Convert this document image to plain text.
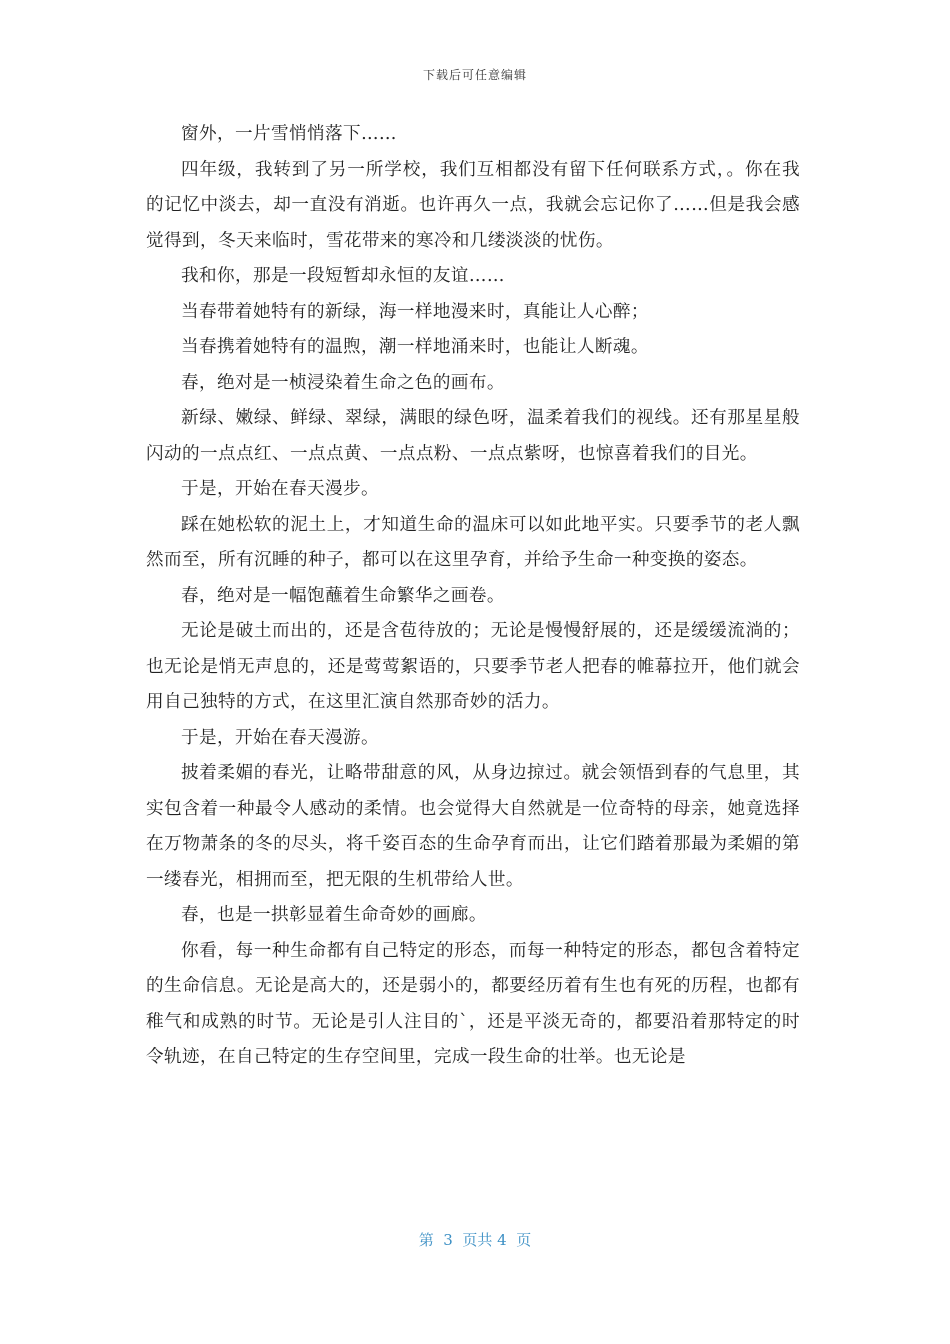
下载后可任意编辑

窗外，一片雪悄悄落下……

四年级，我转到了另一所学校，我们互相都没有留下任何联系方式，。你在我的记忆中淡去，却一直没有消逝。也许再久一点，我就会忘记你了……但是我会感觉得到，冬天来临时，雪花带来的寒冷和几缕淡淡的忧伤。

我和你，那是一段短暂却永恒的友谊……

当春带着她特有的新绿，海一样地漫来时，真能让人心醉；

当春携着她特有的温煦，潮一样地涌来时，也能让人断魂。

春，绝对是一桢浸染着生命之色的画布。

新绿、嫩绿、鲜绿、翠绿，满眼的绿色呀，温柔着我们的视线。还有那星星般闪动的一点点红、一点点黄、一点点粉、一点点紫呀，也惊喜着我们的目光。

于是，开始在春天漫步。

踩在她松软的泥土上，才知道生命的温床可以如此地平实。只要季节的老人飘然而至，所有沉睡的种子，都可以在这里孕育，并给予生命一种变换的姿态。

春，绝对是一幅饱蘸着生命繁华之画卷。

无论是破土而出的，还是含苞待放的；无论是慢慢舒展的，还是缓缓流淌的；也无论是悄无声息的，还是莺莺絮语的，只要季节老人把春的帷幕拉开，他们就会用自己独特的方式，在这里汇演自然那奇妙的活力。

于是，开始在春天漫游。

披着柔媚的春光，让略带甜意的风，从身边掠过。就会领悟到春的气息里，其实包含着一种最令人感动的柔情。也会觉得大自然就是一位奇特的母亲，她竟选择在万物萧条的冬的尽头，将千姿百态的生命孕育而出，让它们踏着那最为柔媚的第一缕春光，相拥而至，把无限的生机带给人世。

春，也是一拱彰显着生命奇妙的画廊。

你看，每一种生命都有自己特定的形态，而每一种特定的形态，都包含着特定的生命信息。无论是高大的，还是弱小的，都要经历着有生也有死的历程，也都有稚气和成熟的时节。无论是引人注目的`，还是平淡无奇的，都要沿着那特定的时令轨迹，在自己特定的生存空间里，完成一段生命的壮举。也无论是

第  3  页共 4  页
